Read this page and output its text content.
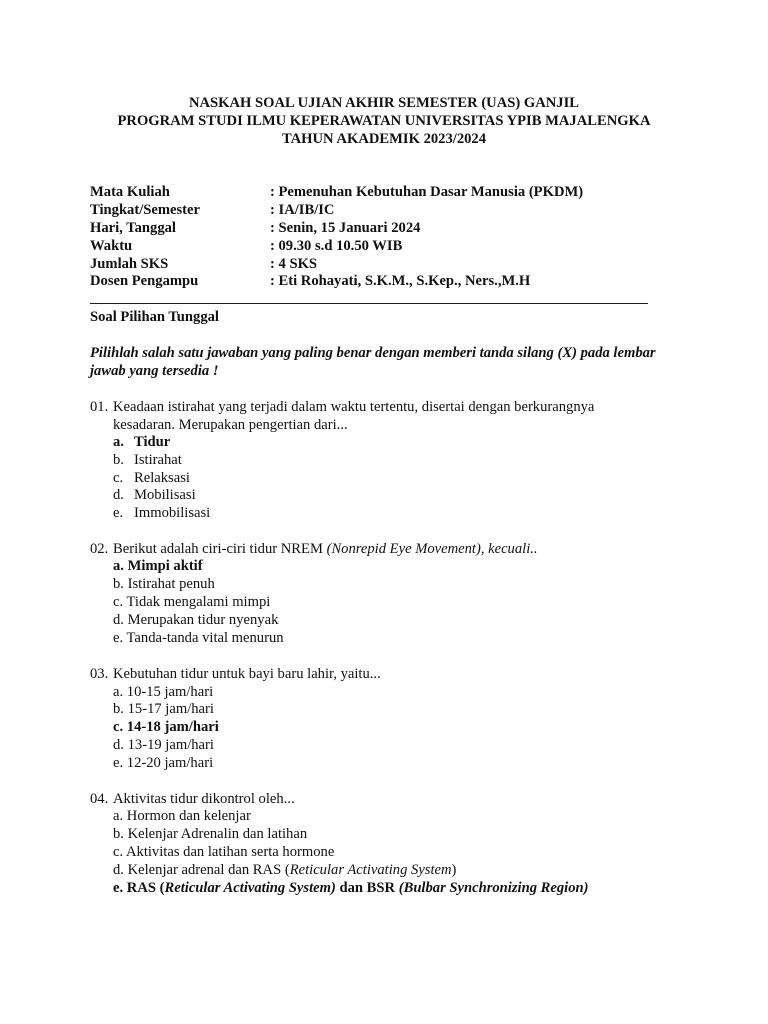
NASKAH SOAL UJIAN AKHIR SEMESTER (UAS) GANJIL
PROGRAM STUDI ILMU KEPERAWATAN UNIVERSITAS YPIB MAJALENGKA
TAHUN AKADEMIK 2023/2024
Mata Kuliah	: Pemenuhan Kebutuhan Dasar Manusia (PKDM)
Tingkat/Semester	: IA/IB/IC
Hari, Tanggal	: Senin, 15 Januari 2024
Waktu	: 09.30 s.d 10.50 WIB
Jumlah SKS	: 4 SKS
Dosen Pengampu	: Eti Rohayati, S.K.M., S.Kep., Ners.,M.H
Soal Pilihan Tunggal
Pilihlah salah satu jawaban yang paling benar dengan memberi tanda silang (X) pada lembar jawab yang tersedia !
01. Keadaan istirahat yang terjadi dalam waktu tertentu, disertai dengan berkurangnya
kesadaran. Merupakan pengertian dari...
a. Tidur
b. Istirahat
c. Relaksasi
d. Mobilisasi
e. Immobilisasi
02. Berikut adalah ciri-ciri tidur NREM (Nonrepid Eye Movement), kecuali..
a. Mimpi aktif
b. Istirahat penuh
c. Tidak mengalami mimpi
d. Merupakan tidur nyenyak
e. Tanda-tanda vital menurun
03. Kebutuhan tidur untuk bayi baru lahir, yaitu...
a. 10-15 jam/hari
b. 15-17 jam/hari
c. 14-18 jam/hari
d. 13-19 jam/hari
e. 12-20 jam/hari
04. Aktivitas tidur dikontrol oleh...
a. Hormon dan kelenjar
b. Kelenjar Adrenalin dan latihan
c. Aktivitas dan latihan serta hormone
d. Kelenjar adrenal dan RAS (Reticular Activating System)
e. RAS (Reticular Activating System) dan BSR (Bulbar Synchronizing Region)
